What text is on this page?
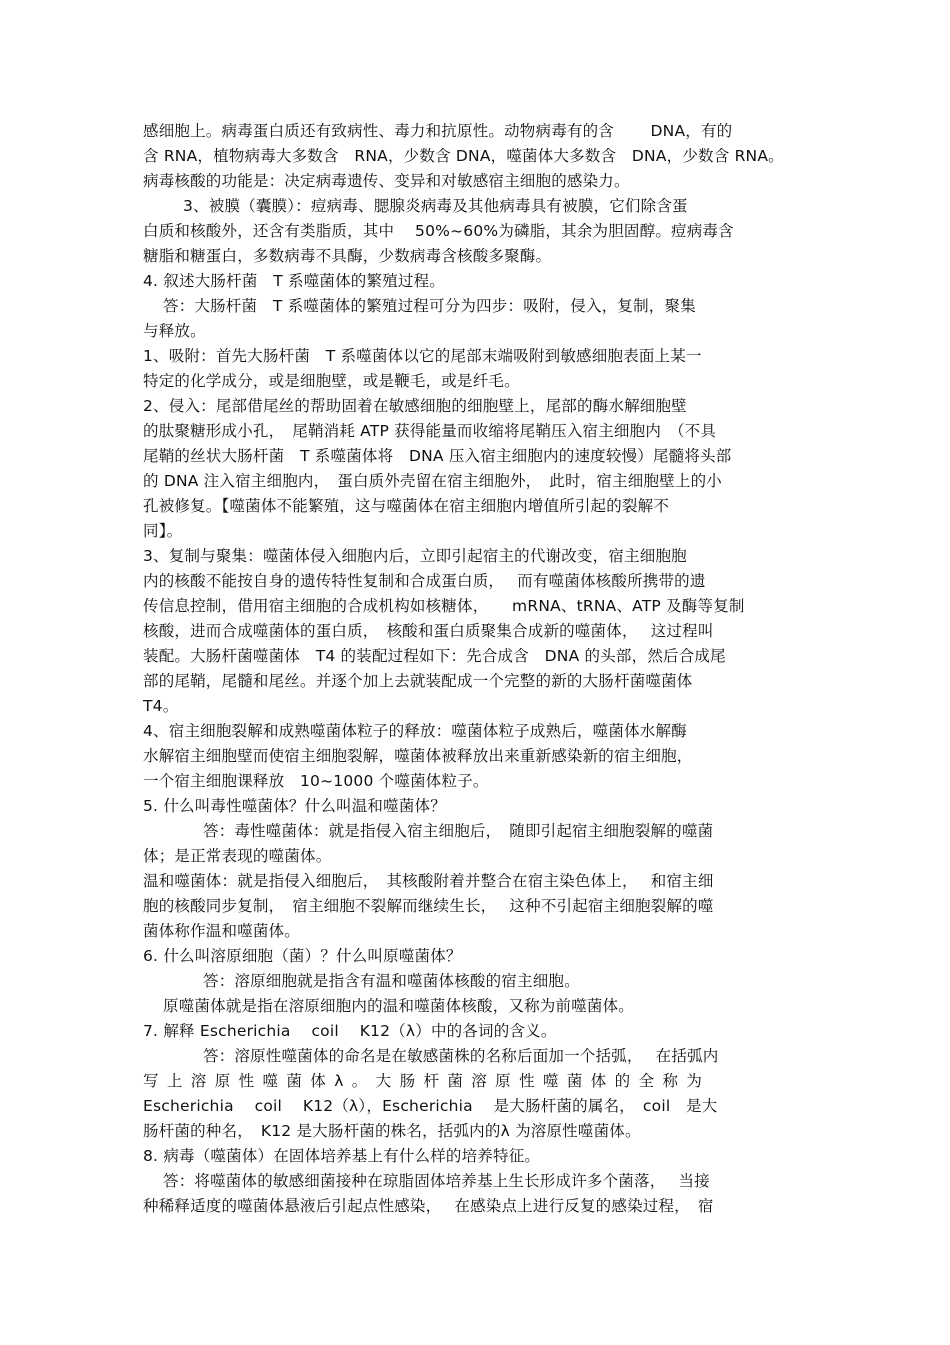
感细胞上。病毒蛋白质还有致病性、毒力和抗原性。动物病毒有的含　　 DNA，有的

含 RNA，植物病毒大多数含　RNA，少数含 DNA，噬菌体大多数含　DNA，少数含 RNA。

病毒核酸的功能是：决定病毒遗传、变异和对敏感宿主细胞的感染力。

3、被膜（囊膜）：痘病毒、腮腺炎病毒及其他病毒具有被膜，它们除含蛋

白质和核酸外，还含有类脂质，其中　 50%~60%为磷脂，其余为胆固醇。痘病毒含

糖脂和糖蛋白，多数病毒不具酶，少数病毒含核酸多聚酶。

4. 叙述大肠杆菌　T 系噬菌体的繁殖过程。

答：大肠杆菌　T 系噬菌体的繁殖过程可分为四步：吸附，侵入，复制，聚集

与释放。

1、吸附：首先大肠杆菌　T 系噬菌体以它的尾部末端吸附到敏感细胞表面上某一

特定的化学成分，或是细胞壁，或是鞭毛，或是纤毛。

2、侵入：尾部借尾丝的帮助固着在敏感细胞的细胞壁上，尾部的酶水解细胞壁

的肽聚糖形成小孔，　尾鞘消耗 ATP 获得能量而收缩将尾鞘压入宿主细胞内　（不具

尾鞘的丝状大肠杆菌　T 系噬菌体将　DNA 压入宿主细胞内的速度较慢）尾髓将头部

的 DNA 注入宿主细胞内，　蛋白质外壳留在宿主细胞外，　此时，宿主细胞壁上的小

孔被修复。【噬菌体不能繁殖，这与噬菌体在宿主细胞内增值所引起的裂解不

同】。

3、复制与聚集：噬菌体侵入细胞内后，立即引起宿主的代谢改变，宿主细胞胞

内的核酸不能按自身的遗传特性复制和合成蛋白质，　 而有噬菌体核酸所携带的遗

传信息控制，借用宿主细胞的合成机构如核糖体，　　mRNA、tRNA、ATP 及酶等复制

核酸，进而合成噬菌体的蛋白质，　核酸和蛋白质聚集合成新的噬菌体，　 这过程叫

装配。大肠杆菌噬菌体　T4 的装配过程如下：先合成含　DNA 的头部，然后合成尾

部的尾鞘，尾髓和尾丝。并逐个加上去就装配成一个完整的新的大肠杆菌噬菌体

T4。

4、宿主细胞裂解和成熟噬菌体粒子的释放：噬菌体粒子成熟后，噬菌体水解酶

水解宿主细胞壁而使宿主细胞裂解，噬菌体被释放出来重新感染新的宿主细胞，

一个宿主细胞课释放　10~1000 个噬菌体粒子。

5. 什么叫毒性噬菌体？什么叫温和噬菌体？

答：毒性噬菌体：就是指侵入宿主细胞后，　随即引起宿主细胞裂解的噬菌

体；是正常表现的噬菌体。

温和噬菌体：就是指侵入细胞后，　其核酸附着并整合在宿主染色体上，　 和宿主细

胞的核酸同步复制，　宿主细胞不裂解而继续生长，　 这种不引起宿主细胞裂解的噬

菌体称作温和噬菌体。

6. 什么叫溶原细胞（菌）？什么叫原噬菌体？

答：溶原细胞就是指含有温和噬菌体核酸的宿主细胞。

原噬菌体就是指在溶原细胞内的温和噬菌体核酸，又称为前噬菌体。

7. 解释 Escherichia　 coil　 K12（λ）中的各词的含义。

答：溶原性噬菌体的命名是在敏感菌株的名称后面加一个括弧，　 在括弧内

写上溶原性噬菌体λ。大肠杆菌溶原性噬菌体的全称为

Escherichia　 coil　 K12（λ），Escherichia　 是大肠杆菌的属名，　coil　是大

肠杆菌的种名，　K12 是大肠杆菌的株名，括弧内的λ 为溶原性噬菌体。

8. 病毒（噬菌体）在固体培养基上有什么样的培养特征。

答：将噬菌体的敏感细菌接种在琼脂固体培养基上生长形成许多个菌落，　 当接

种稀释适度的噬菌体悬液后引起点性感染，　 在感染点上进行反复的感染过程，　宿
